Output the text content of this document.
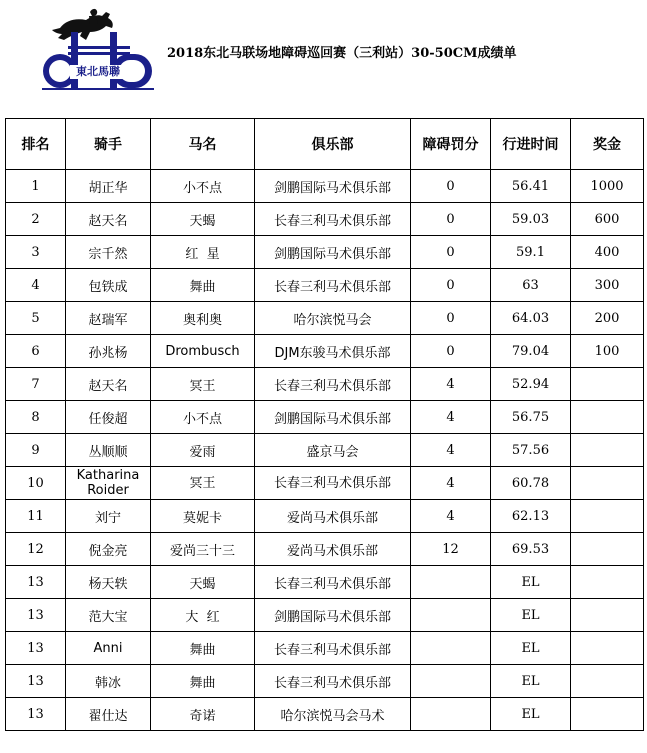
東北馬聯
2018东北马联场地障碍巡回赛（三利站）30-50CM成绩单
排名	骑手	马名	俱乐部	障碍罚分	行进时间	奖金
1	胡正华	小不点	剑鹏国际马术俱乐部	0	56.41	1000
2	赵天名	天蝎	长春三利马术俱乐部	0	59.03	600
3	宗千然	红  星	剑鹏国际马术俱乐部	0	59.1	400
4	包铁成	舞曲	长春三利马术俱乐部	0	63	300
5	赵瑞军	奥利奥	哈尔滨悦马会	0	64.03	200
6	孙兆杨	Drombusch	DJM东骏马术俱乐部	0	79.04	100
7	赵天名	冥王	长春三利马术俱乐部	4	52.94	
8	任俊超	小不点	剑鹏国际马术俱乐部	4	56.75	
9	丛顺顺	爱雨	盛京马会	4	57.56	
10	Katharina Roider	冥王	长春三利马术俱乐部	4	60.78	
11	刘宁	莫妮卡	爱尚马术俱乐部	4	62.13	
12	倪金亮	爱尚三十三	爱尚马术俱乐部	12	69.53	
13	杨天轶	天蝎	长春三利马术俱乐部		EL	
13	范大宝	大  红	剑鹏国际马术俱乐部		EL	
13	Anni	舞曲	长春三利马术俱乐部		EL	
13	韩冰	舞曲	长春三利马术俱乐部		EL	
13	翟仕达	奇诺	哈尔滨悦马会马术		EL	
